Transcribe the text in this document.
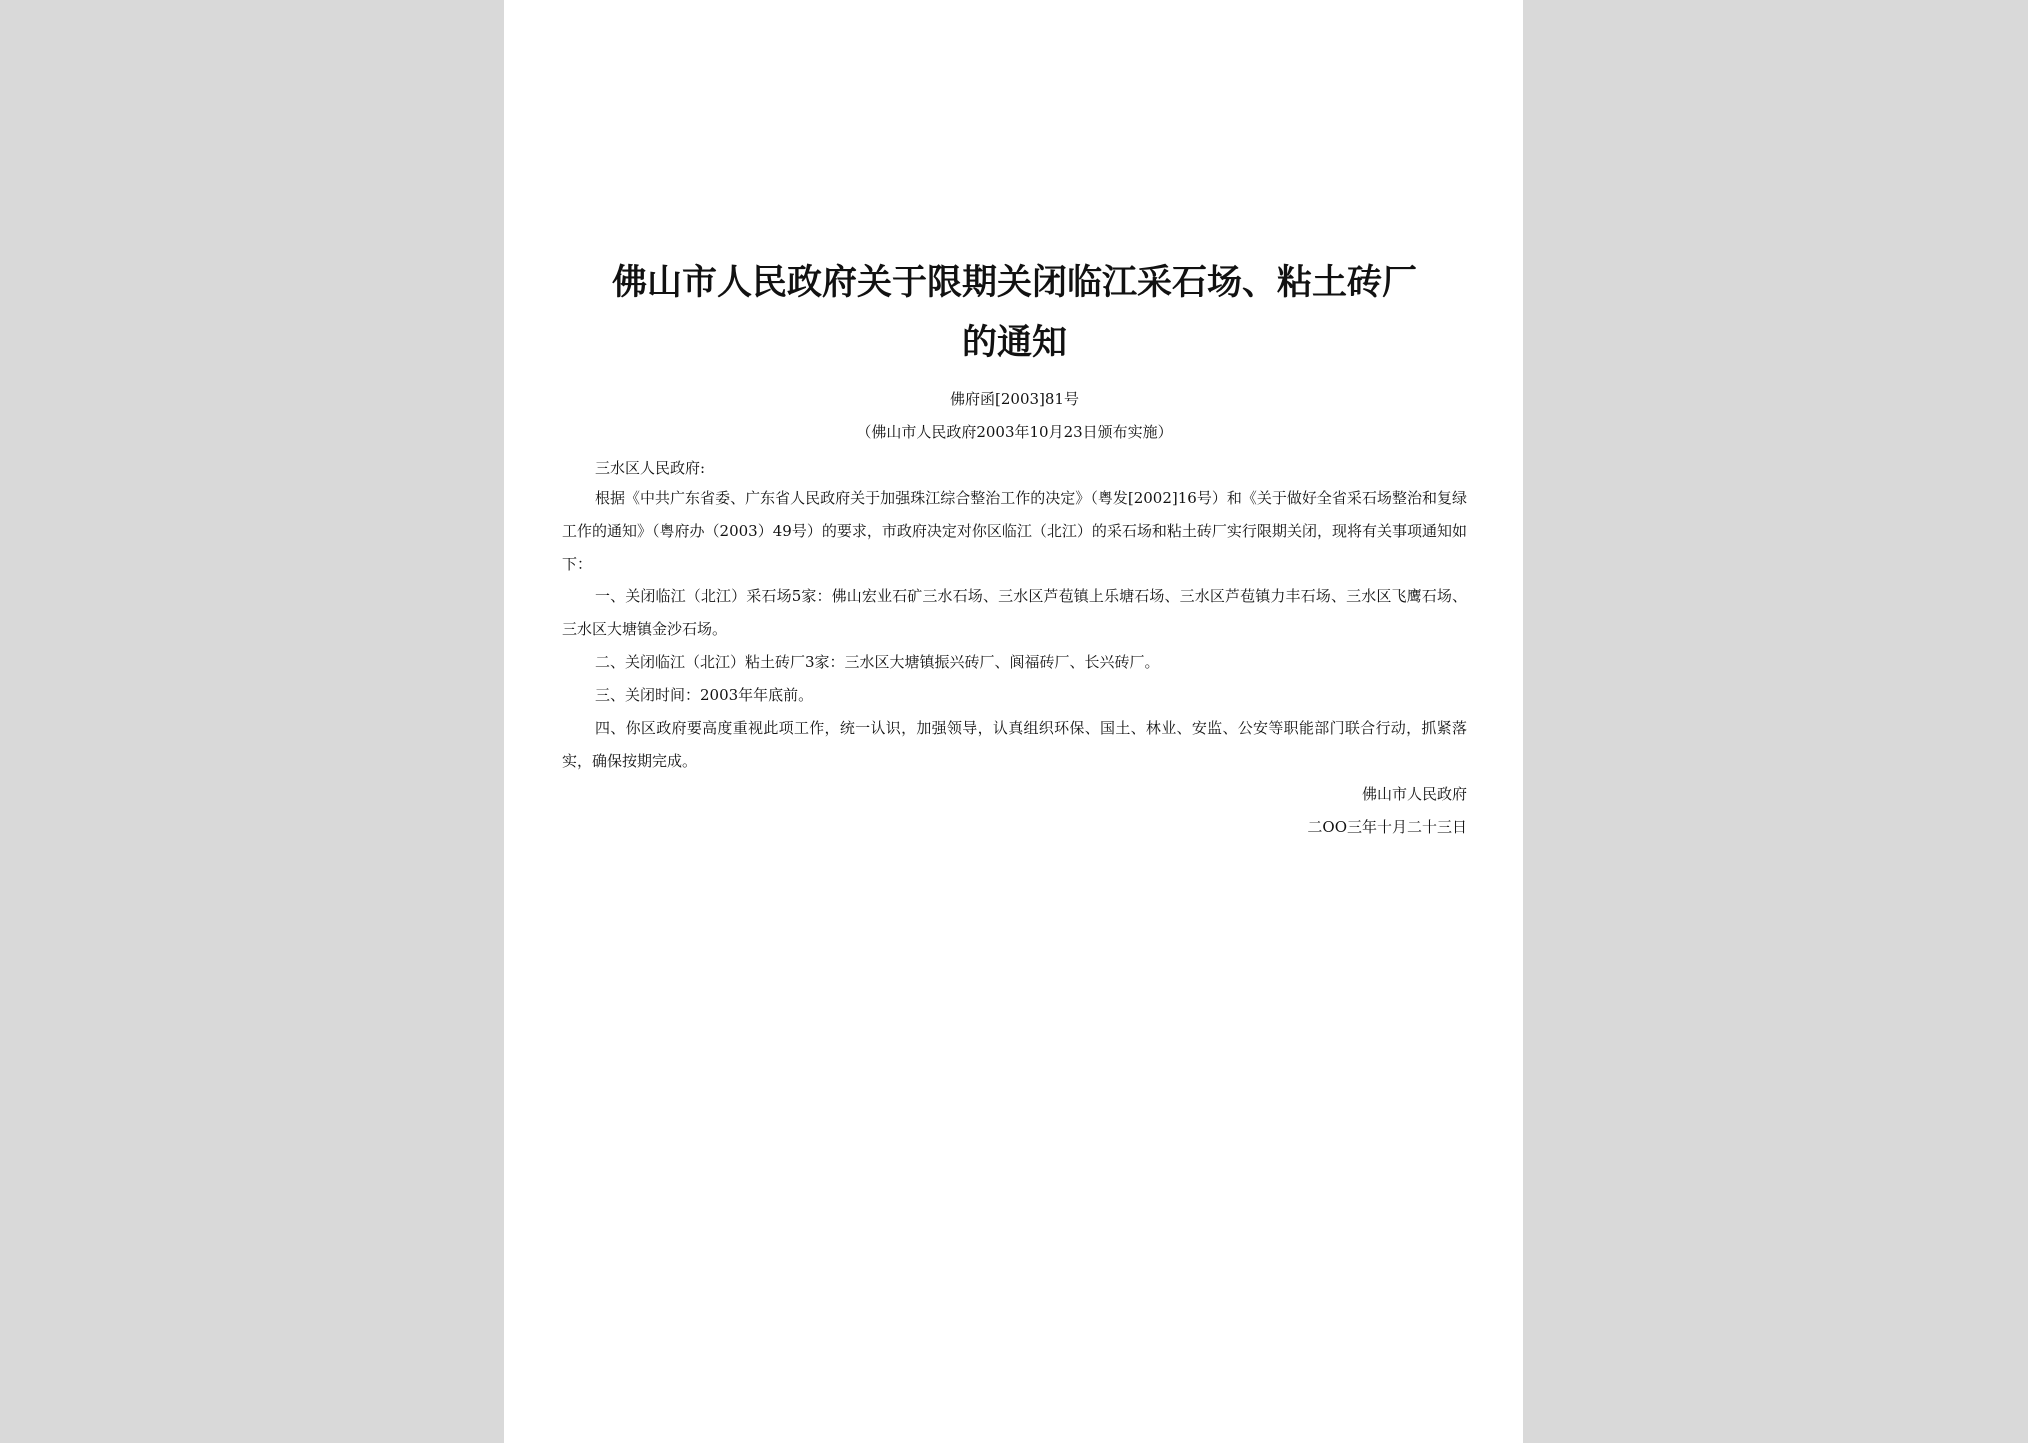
佛山市人民政府关于限期关闭临江采石场、粘土砖厂
的通知
佛府函[2003]81号
（佛山市人民政府2003年10月23日颁布实施）
三水区人民政府:
根据《中共广东省委、广东省人民政府关于加强珠江综合整治工作的决定》（粤发[2002]16号）和《关于做好全省采石场整治和复绿工作的通知》（粤府办（2003）49号）的要求，市政府决定对你区临江（北江）的采石场和粘土砖厂实行限期关闭，现将有关事项通知如下：
一、关闭临江（北江）采石场5家：佛山宏业石矿三水石场、三水区芦苞镇上乐塘石场、三水区芦苞镇力丰石场、三水区飞鹰石场、三水区大塘镇金沙石场。
二、关闭临江（北江）粘土砖厂3家：三水区大塘镇振兴砖厂、阆福砖厂、长兴砖厂。
三、关闭时间：2003年年底前。
四、你区政府要高度重视此项工作，统一认识，加强领导，认真组织环保、国土、林业、安监、公安等职能部门联合行动，抓紧落实，确保按期完成。
佛山市人民政府
二OO三年十月二十三日
